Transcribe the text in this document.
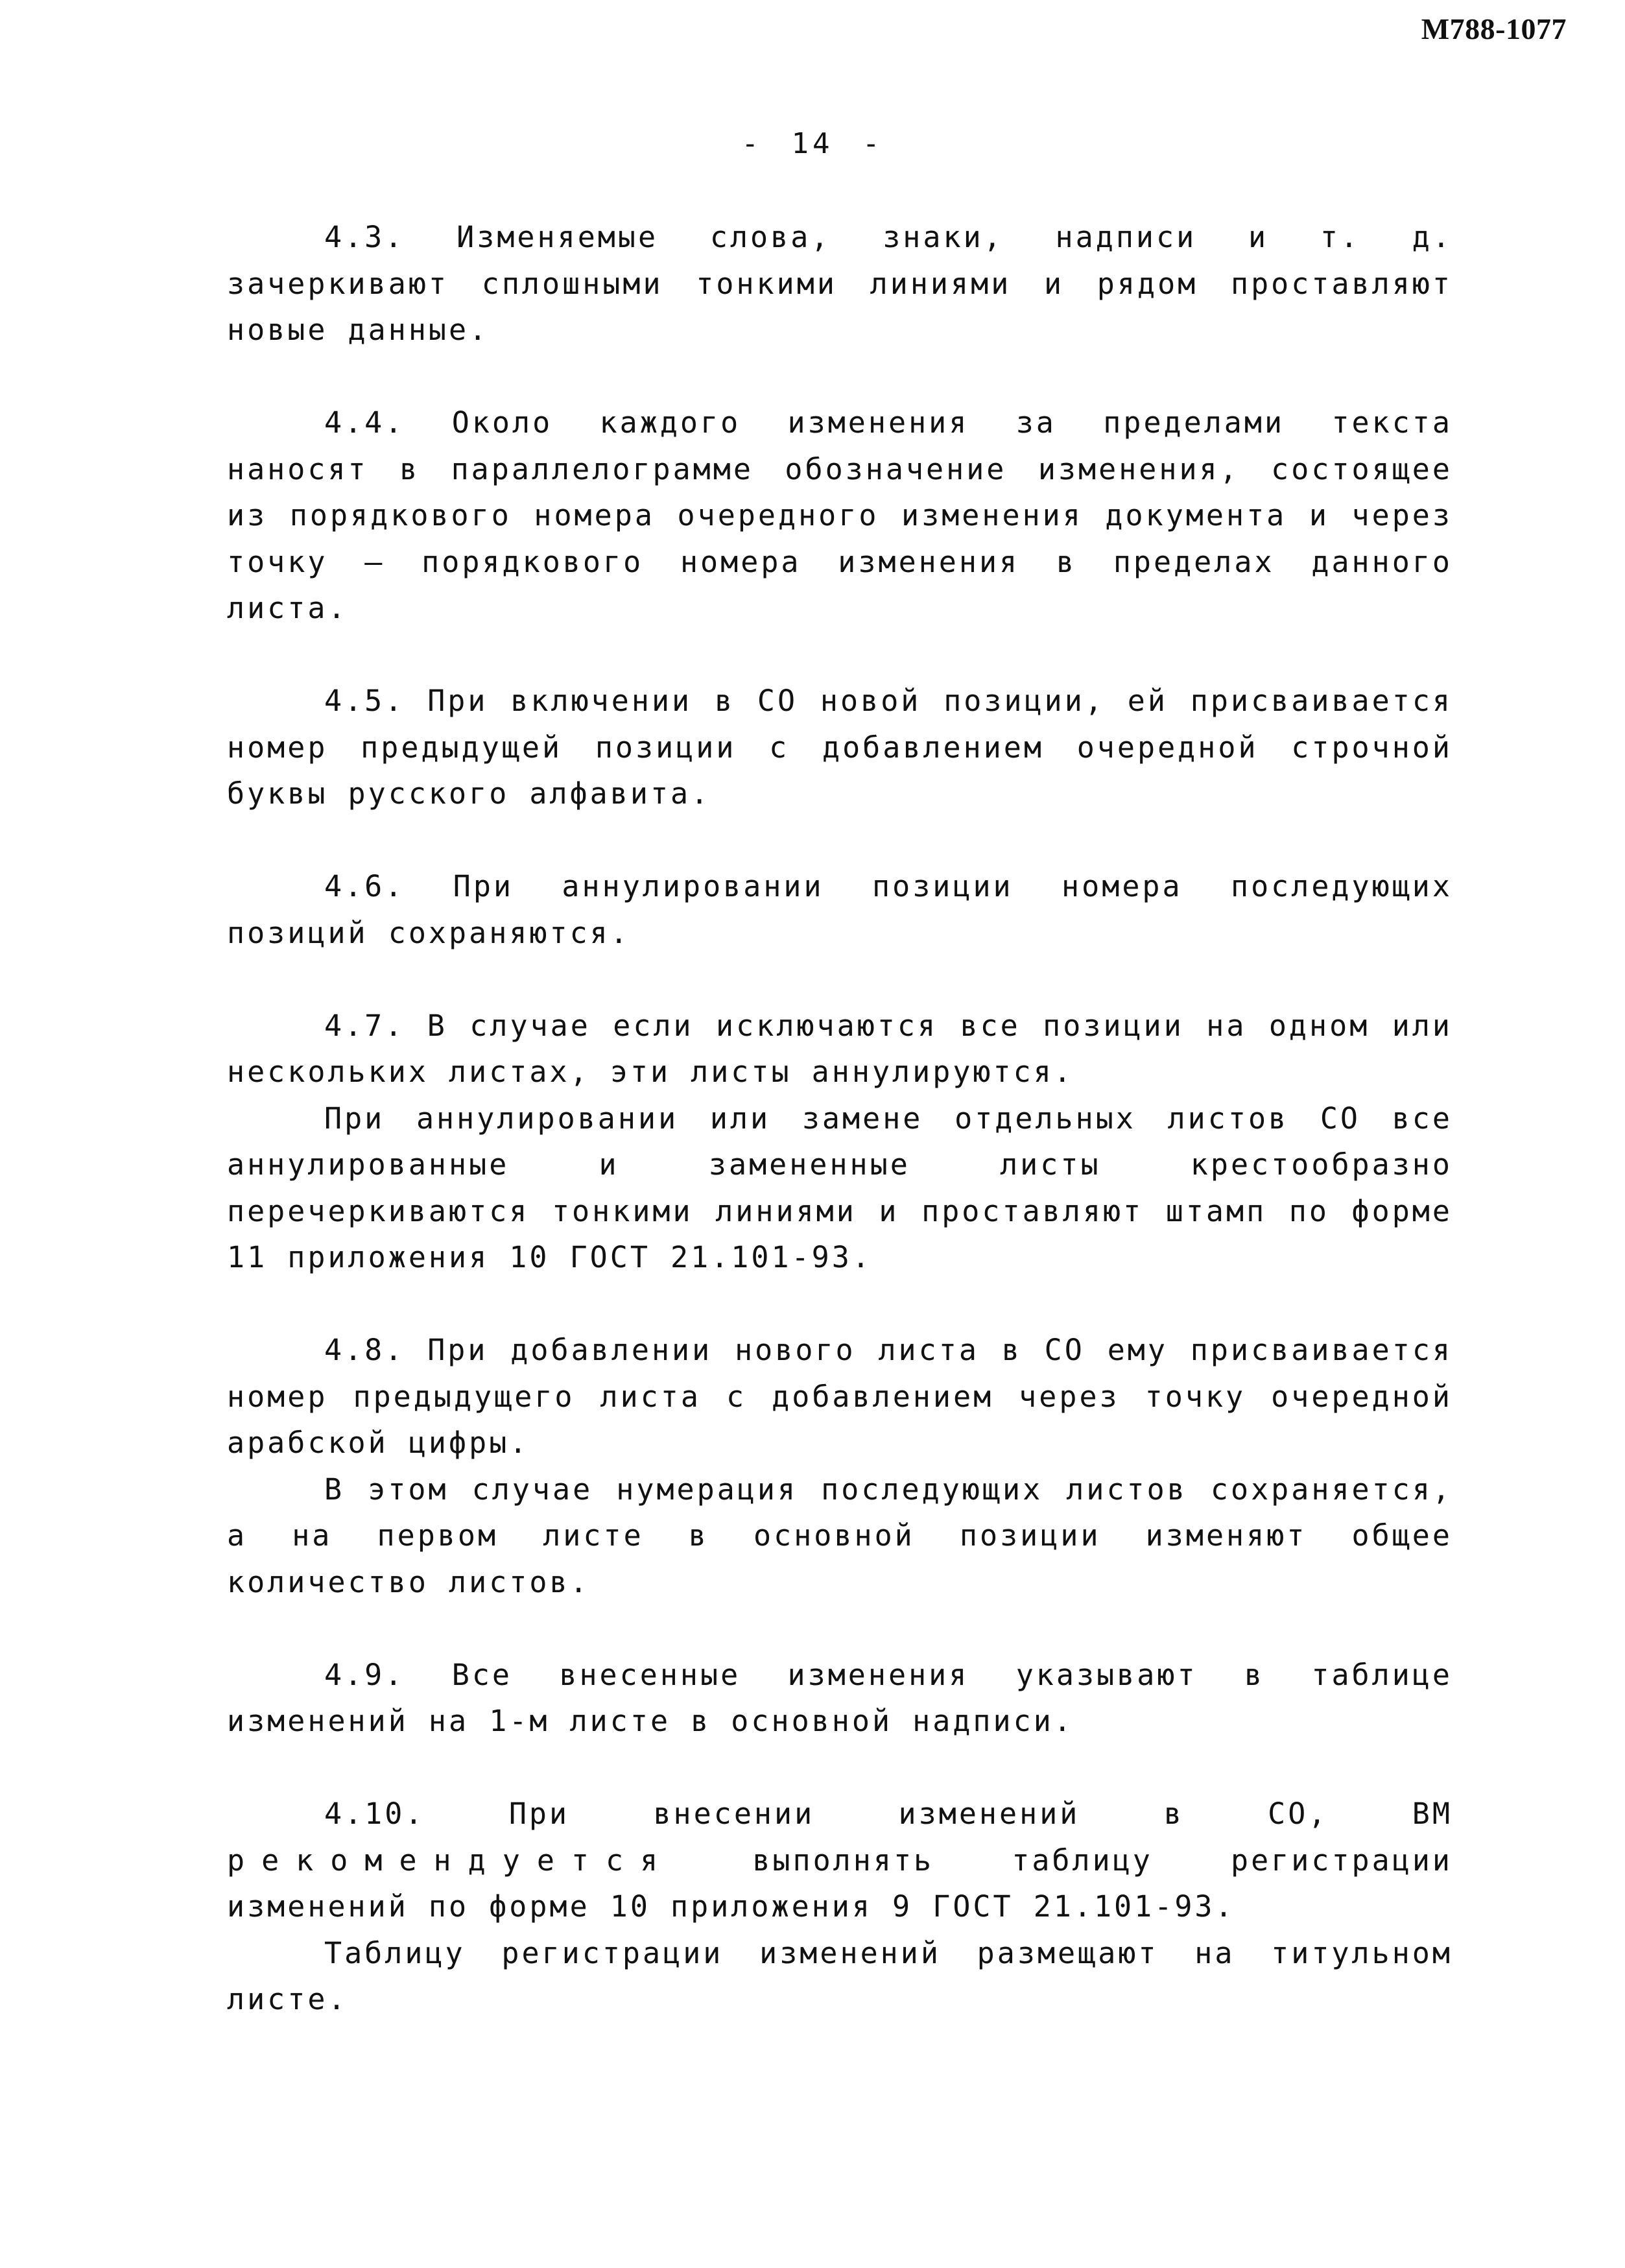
М788-1077
- 14 -

4.3. Изменяемые слова, знаки, надписи и т. д. зачеркивают сплошными тонкими линиями и рядом проставляют новые данные.

4.4. Около каждого изменения за пределами текста наносят в параллелограмме обозначение изменения, состоящее из порядкового номера очередного изменения документа и через точку – порядкового номера изменения в пределах данного листа.

4.5. При включении в СО новой позиции, ей присваивается номер предыдущей позиции с добавлением очередной строчной буквы русского алфавита.

4.6. При аннулировании позиции номера последующих позиций сохраняются.

4.7. В случае если исключаются все позиции на одном или нескольких листах, эти листы аннулируются.

При аннулировании или замене отдельных листов СО все аннулированные и замененные листы крестообразно перечеркиваются тонкими линиями и проставляют штамп по форме 11 приложения 10 ГОСТ 21.101-93.

4.8. При добавлении нового листа в СО ему присваивается номер предыдущего листа с добавлением через точку очередной арабской цифры.

В этом случае нумерация последующих листов сохраняется, а на первом листе в основной позиции изменяют общее количество листов.

4.9. Все внесенные изменения указывают в таблице изменений на 1-м листе в основной надписи.

4.10. При внесении изменений в СО, ВМ рекомендуется	выполнять таблицу регистрации изменений по форме 10 приложения 9 ГОСТ 21.101-93.

Таблицу регистрации изменений размещают на титульном листе.
